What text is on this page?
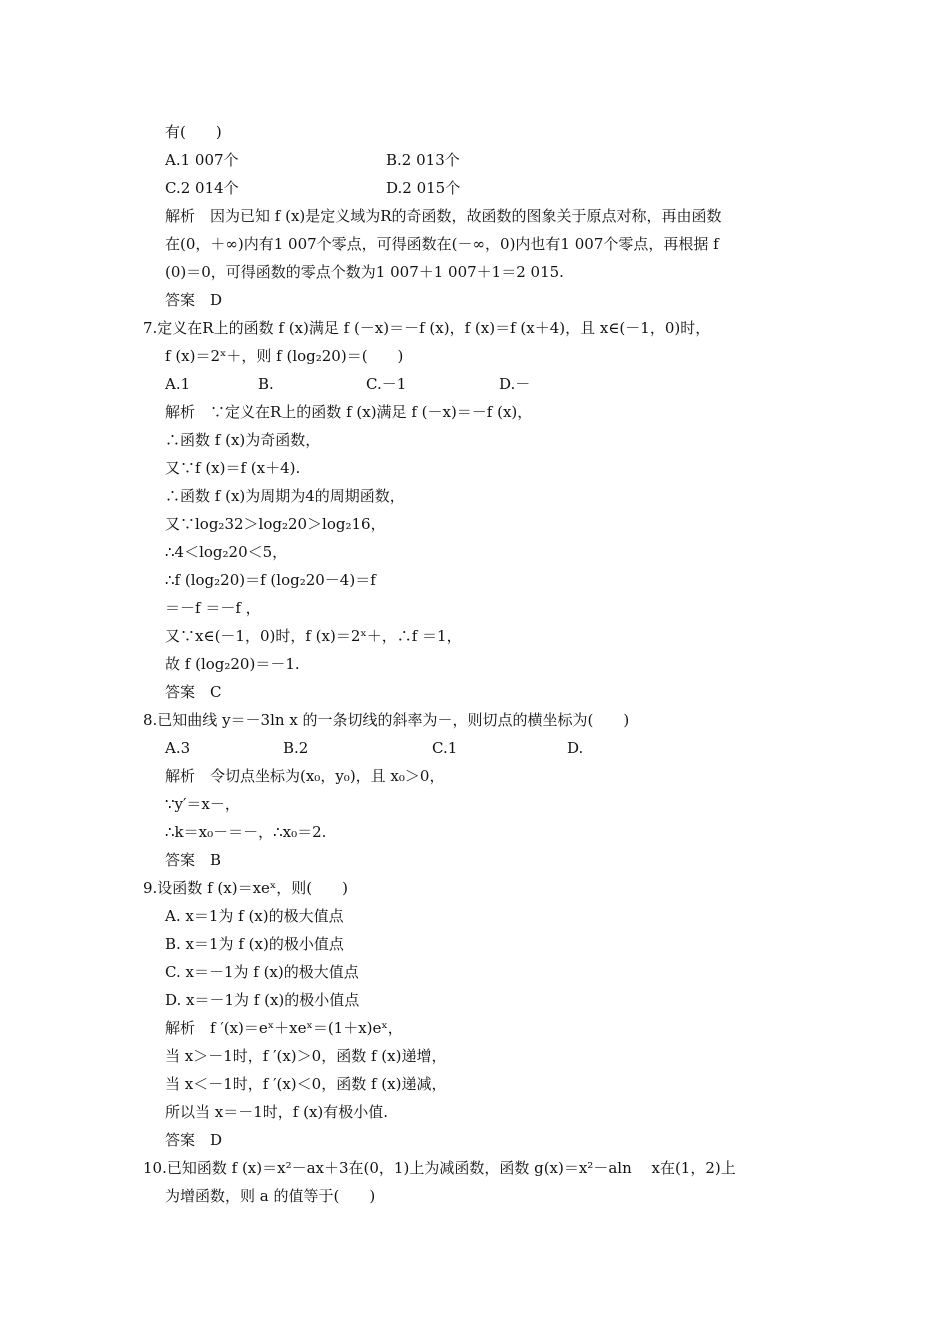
有(　　)
解析　因为已知 f (x)是定义域为R的奇函数，故函数的图象关于原点对称，再由函数
在(0，＋∞)内有1 007个零点，可得函数在(－∞，0)内也有1 007个零点，再根据 f
(0)＝0，可得函数的零点个数为1 007＋1 007＋1＝2 015.
答案　D
7.定义在R上的函数 f (x)满足 f (－x)＝－f (x)，f (x)＝f (x＋4)，且 x∈(－1，0)时，
f (x)＝2ˣ＋，则 f (log₂20)＝(　　)
解析　∵定义在R上的函数 f (x)满足 f (－x)＝－f (x)，
∴函数 f (x)为奇函数，
又∵f (x)＝f (x＋4).
∴函数 f (x)为周期为4的周期函数，
又∵log₂32＞log₂20＞log₂16，
∴4＜log₂20＜5，
∴f (log₂20)＝f (log₂20－4)＝f
＝－f ＝－f ，
又∵x∈(－1，0)时，f (x)＝2ˣ＋，∴f ＝1，
故 f (log₂20)＝－1.
答案　C
8.已知曲线 y＝－3ln x 的一条切线的斜率为－，则切点的横坐标为(　　)
解析　令切点坐标为(x₀，y₀)，且 x₀＞0，
∵y′＝x－，
∴k＝x₀－＝－，∴x₀＝2.
答案　B
9.设函数 f (x)＝xeˣ，则(　　)
A. x＝1为 f (x)的极大值点
B. x＝1为 f (x)的极小值点
C. x＝－1为 f (x)的极大值点
D. x＝－1为 f (x)的极小值点
解析　f ′(x)＝eˣ＋xeˣ＝(1＋x)eˣ，
当 x＞－1时，f ′(x)＞0，函数 f (x)递增，
当 x＜－1时，f ′(x)＜0，函数 f (x)递减，
所以当 x＝－1时，f (x)有极小值.
答案　D
10.已知函数 f (x)＝x²－ax＋3在(0，1)上为减函数，函数 g(x)＝x²－aln　 x在(1，2)上
为增函数，则 a 的值等于(　　)
A.1 007个	B.2 013个
C.2 014个	D.2 015个
A.1	B.	C.－1	D.－
A.3	B.2	C.1	D.
